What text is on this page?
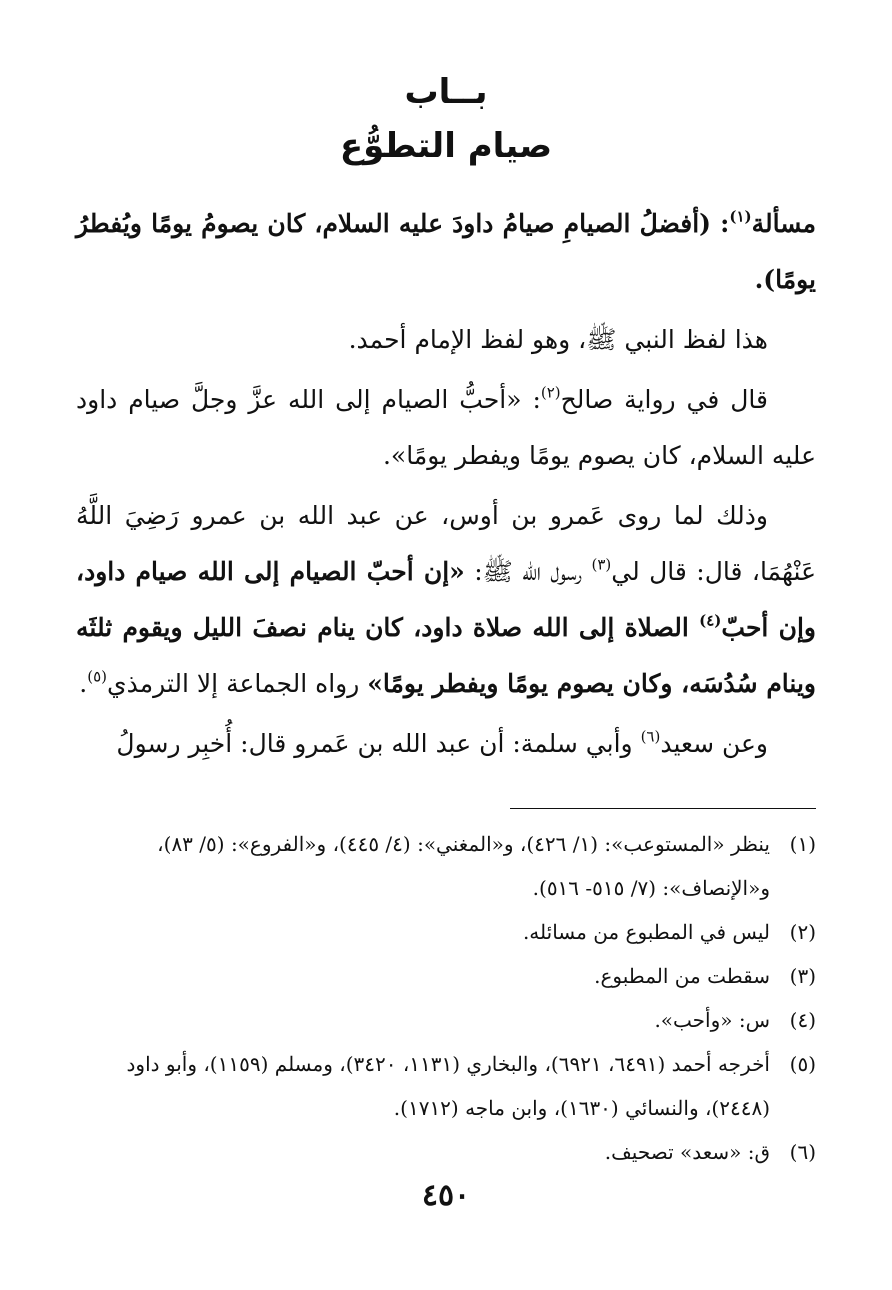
بــاب
صيام التطوُّع

مسألة$^{(١)}$: (أفضلُ الصيامِ صيامُ داودَ عليه السلام، كان يصومُ يومًا ويُفطرُ يومًا).

هذا لفظ النبي ﷺ، وهو لفظ الإمام أحمد.

قال في رواية صالح$^{(٢)}$: «أحبُّ الصيام إلى الله عزَّ وجلَّ صيام داود عليه السلام، كان يصوم يومًا ويفطر يومًا».

وذلك لما روى عَمرو بن أوس، عن عبد الله بن عمرو رَضِيَ اللَّهُ عَنْهُمَا، قال: قال لي$^{(٣)}$ رسول الله ﷺ: «إن أحبّ الصيام إلى الله صيام داود، وإن أحبّ$^{(٤)}$ الصلاة إلى الله صلاة داود، كان ينام نصفَ الليل ويقوم ثلثَه وينام سُدُسَه، وكان يصوم يومًا ويفطر يومًا» رواه الجماعة إلا الترمذي$^{(٥)}$.

وعن سعيد$^{(٦)}$ وأبي سلمة: أن عبد الله بن عَمرو قال: أُخبِر رسولُ

(١)
ينظر «المستوعب»: (١/ ٤٢٦)، و«المغني»: (٤/ ٤٤٥)، و«الفروع»: (٥/ ٨٣)، و«الإنصاف»: (٧/ ٥١٥- ٥١٦).
(٢)
ليس في المطبوع من مسائله.
(٣)
سقطت من المطبوع.
(٤)
س: «وأحب».
(٥)
أخرجه أحمد (٦٤٩١، ٦٩٢١)، والبخاري (١١٣١، ٣٤٢٠)، ومسلم (١١٥٩)، وأبو داود (٢٤٤٨)، والنسائي (١٦٣٠)، وابن ماجه (١٧١٢).
(٦)
ق: «سعد» تصحيف.
٤٥٠
